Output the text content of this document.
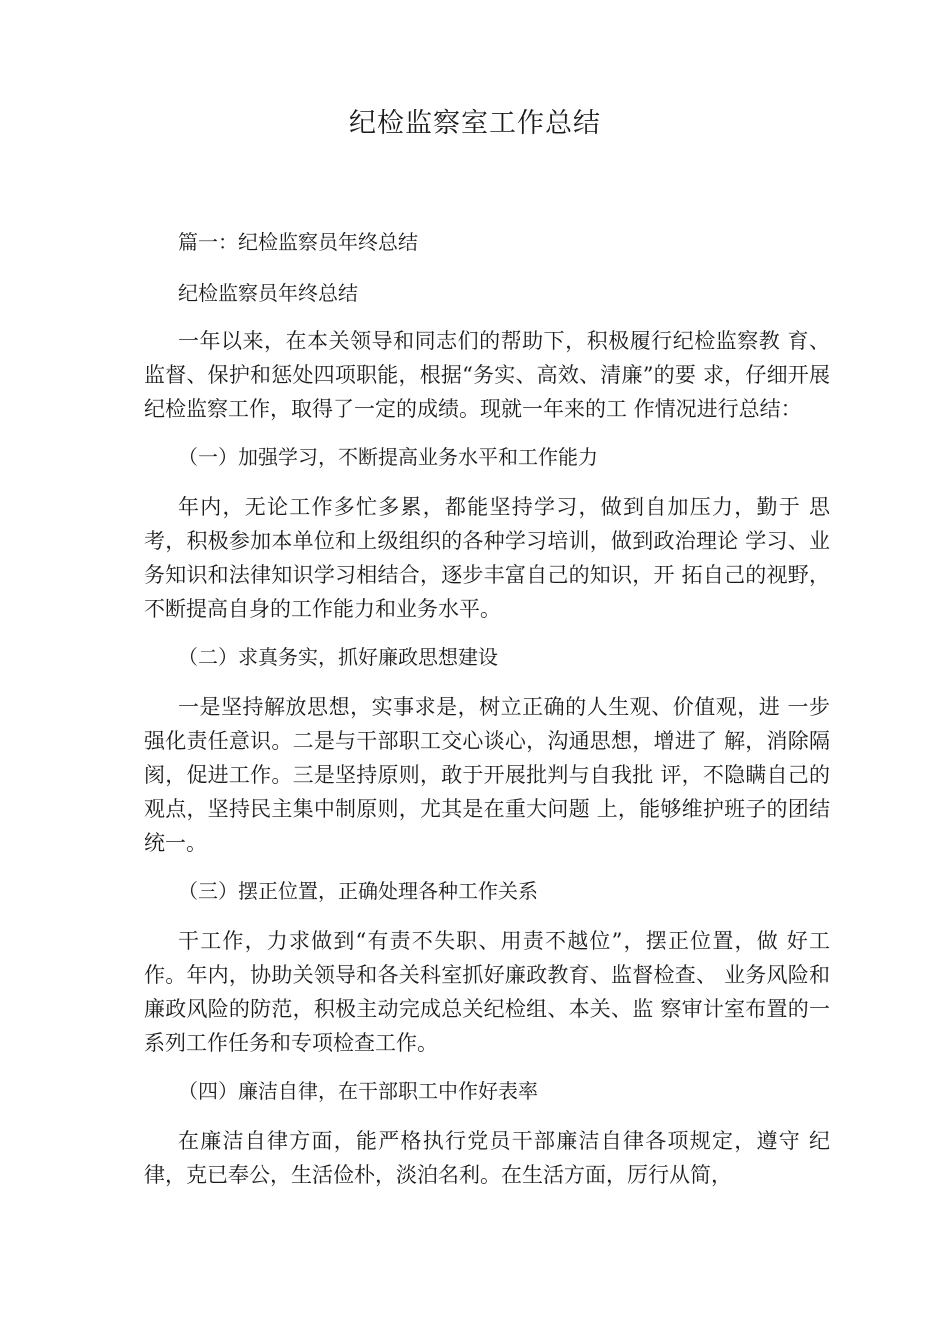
纪检监察室工作总结

篇一：纪检监察员年终总结

纪检监察员年终总结

一年以来，在本关领导和同志们的帮助下，积极履行纪检监察教 育、监督、保护和惩处四项职能，根据“务实、高效、清廉”的要 求，仔细开展纪检监察工作，取得了一定的成绩。现就一年来的工 作情况进行总结：

（一）加强学习，不断提高业务水平和工作能力

年内，无论工作多忙多累，都能坚持学习，做到自加压力，勤于 思考，积极参加本单位和上级组织的各种学习培训，做到政治理论 学习、业务知识和法律知识学习相结合，逐步丰富自己的知识，开 拓自己的视野，不断提高自身的工作能力和业务水平。

（二）求真务实，抓好廉政思想建设

一是坚持解放思想，实事求是，树立正确的人生观、价值观，进 一步强化责任意识。二是与干部职工交心谈心，沟通思想，增进了 解，消除隔阂，促进工作。三是坚持原则，敢于开展批判与自我批 评，不隐瞒自己的观点，坚持民主集中制原则，尤其是在重大问题 上，能够维护班子的团结统一。

（三）摆正位置，正确处理各种工作关系

干工作，力求做到“有责不失职、用责不越位”，摆正位置，做 好工作。年内，协助关领导和各关科室抓好廉政教育、监督检查、 业务风险和廉政风险的防范，积极主动完成总关纪检组、本关、监 察审计室布置的一系列工作任务和专项检查工作。

（四）廉洁自律，在干部职工中作好表率

在廉洁自律方面，能严格执行党员干部廉洁自律各项规定，遵守 纪律，克已奉公，生活俭朴，淡泊名利。在生活方面，厉行从简，
